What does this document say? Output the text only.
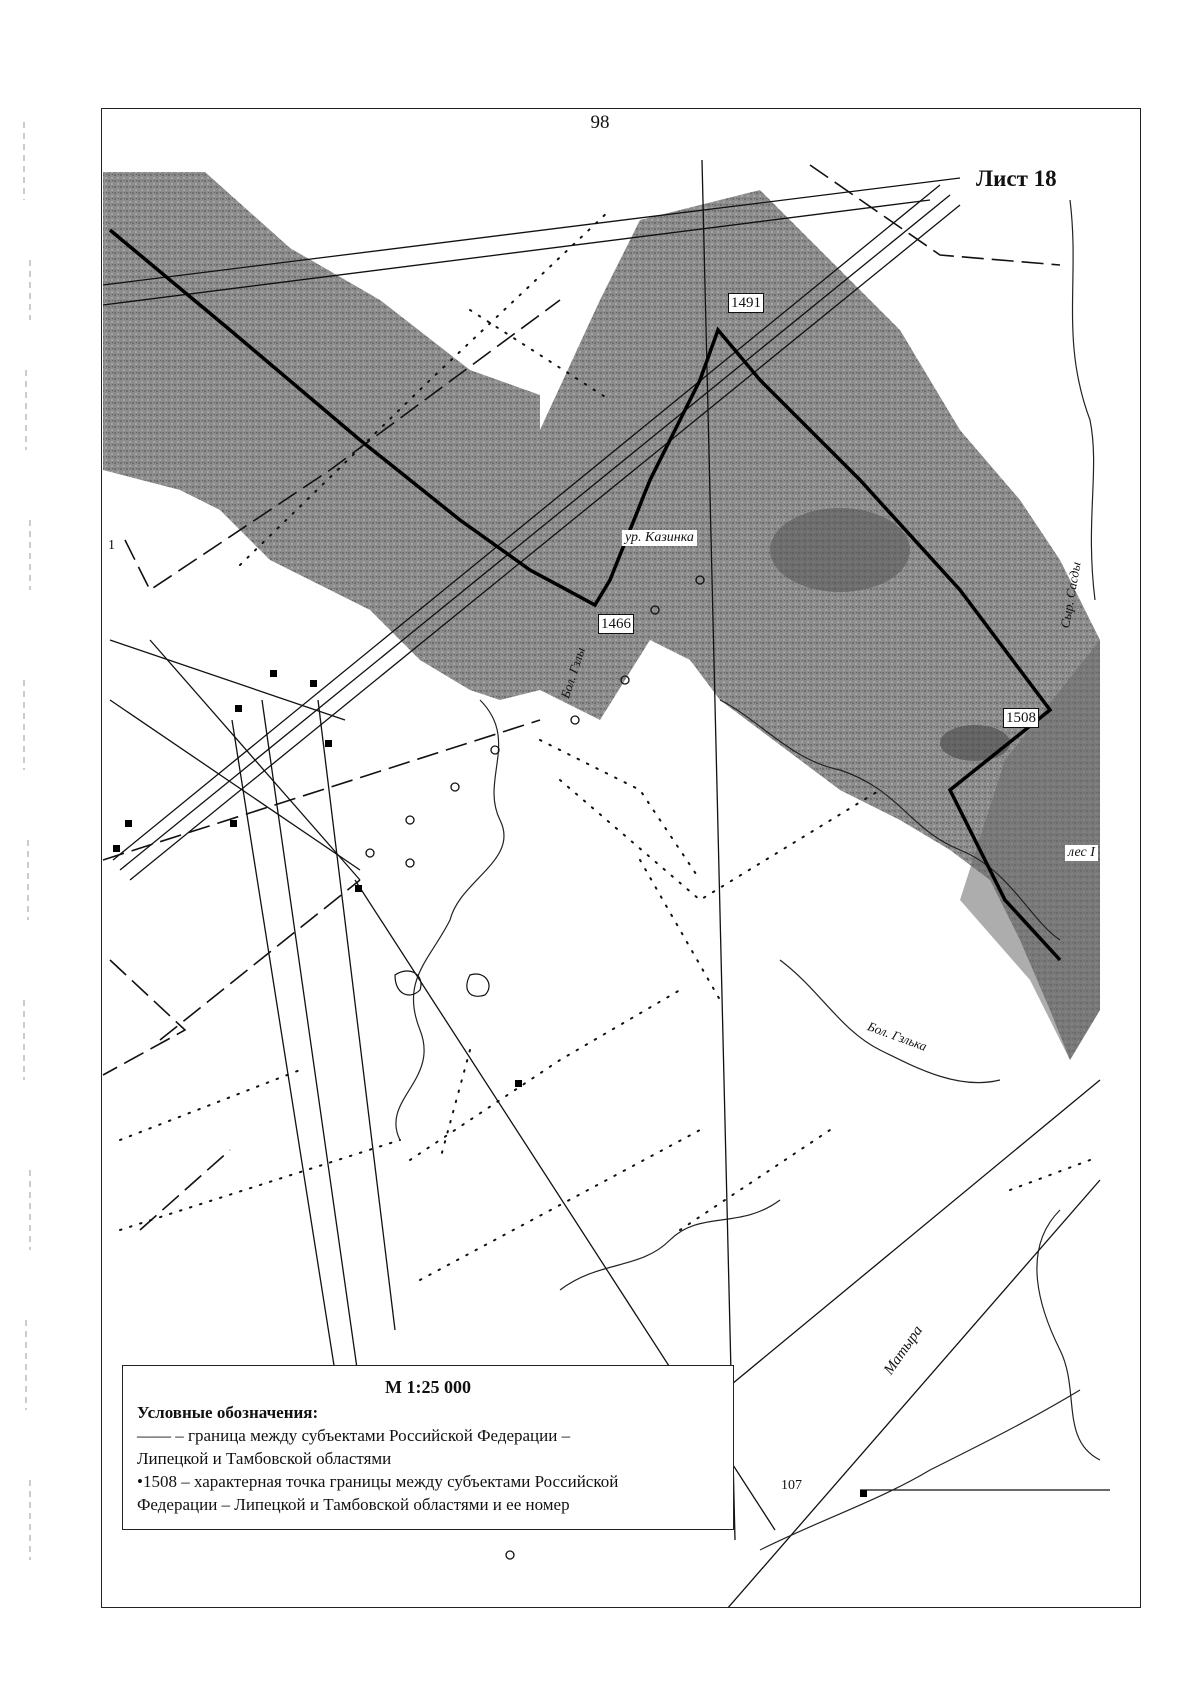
98
Лист 18
1491
1466
1508
ур. Казинка
Бол. Гзлы
Бол. Гзлька
Сыр. Сасды
лес I
Матыра
107
1
М 1:25 000
Условные обозначения:

—— – граница между субъектами Российской Федерации –

Липецкой и Тамбовской областями

•1508 – характерная точка границы между субъектами Российской

Федерации – Липецкой и Тамбовской областями и ее номер
